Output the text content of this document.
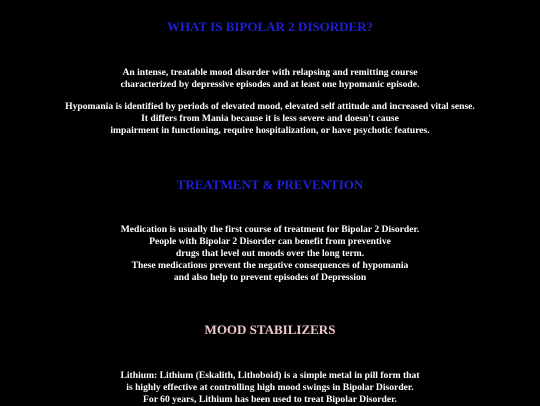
WHAT IS BIPOLAR 2 DISORDER?
An intense, treatable mood disorder with relapsing and remitting course
characterized by depressive episodes and at least one hypomanic episode.
Hypomania is identified by periods of elevated mood, elevated self attitude and increased vital sense.
It differs from Mania because it is less severe and doesn't cause
impairment in functioning, require hospitalization, or have psychotic features.
TREATMENT & PREVENTION
Medication is usually the first course of treatment for Bipolar 2 Disorder.
People with Bipolar 2 Disorder can benefit from preventive
drugs that level out moods over the long term.
These medications prevent the negative consequences of hypomania
and also help to prevent episodes of Depression
MOOD STABILIZERS
Lithium: Lithium (Eskalith, Lithoboid) is a simple metal in pill form that
is highly effective at controlling high mood swings in Bipolar Disorder.
For 60 years, Lithium has been used to treat Bipolar Disorder.
